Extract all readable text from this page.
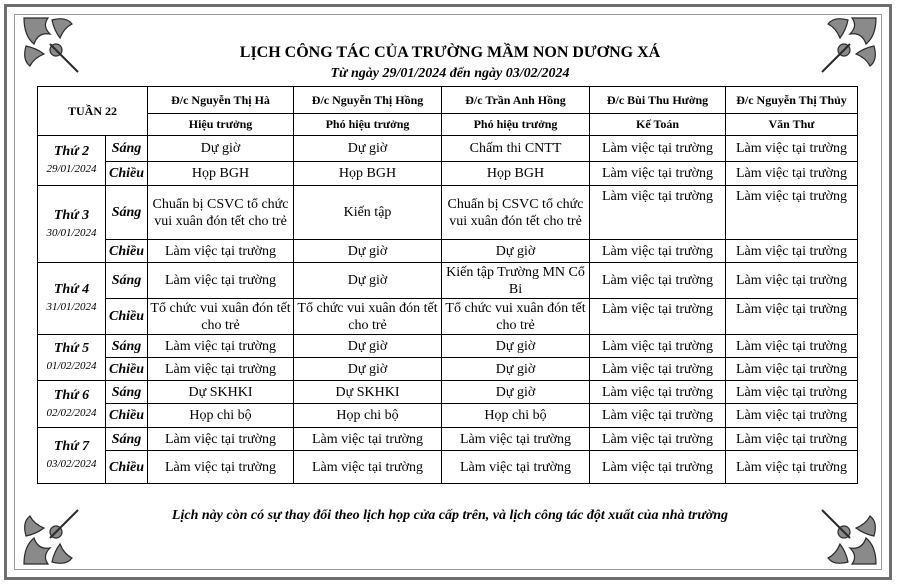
LỊCH CÔNG TÁC CỦA TRƯỜNG MẦM NON DƯƠNG XÁ
Từ ngày 29/01/2024 đến ngày 03/02/2024
TUẦN 22		Đ/c Nguyễn Thị Hà	Đ/c Nguyễn Thị Hồng	Đ/c Trần Anh Hồng	Đ/c Bùi Thu Hường	Đ/c Nguyễn Thị Thủy
		Hiệu trưởng	Phó hiệu trưởng	Phó hiệu trưởng	Kế Toán	Văn Thư
Thứ 2
29/01/2024	Sáng	Dự giờ	Dự giờ	Chấm thi CNTT	Làm việc tại trường	Làm việc tại trường
	Chiều	Họp BGH	Họp BGH	Họp BGH	Làm việc tại trường	Làm việc tại trường
Thứ 3
30/01/2024	Sáng	Chuẩn bị CSVC tổ chức vui xuân đón tết cho trẻ	Kiến tập	Chuẩn bị CSVC tổ chức vui xuân đón tết cho trẻ	Làm việc tại trường	Làm việc tại trường
	Chiều	Làm việc tại trường	Dự giờ	Dự giờ	Làm việc tại trường	Làm việc tại trường
Thứ 4
31/01/2024	Sáng	Làm việc tại trường	Dự giờ	Kiến tập Trường MN Cổ Bi	Làm việc tại trường	Làm việc tại trường
	Chiều	Tổ chức vui xuân đón tết cho trẻ	Tổ chức vui xuân đón tết cho trẻ	Tổ chức vui xuân đón tết cho trẻ	Làm việc tại trường	Làm việc tại trường
Thứ 5
01/02/2024	Sáng	Làm việc tại trường	Dự giờ	Dự giờ	Làm việc tại trường	Làm việc tại trường
	Chiều	Làm việc tại trường	Dự giờ	Dự giờ	Làm việc tại trường	Làm việc tại trường
Thứ 6
02/02/2024	Sáng	Dự SKHKI	Dự SKHKI	Dự giờ	Làm việc tại trường	Làm việc tại trường
	Chiều	Họp chi bộ	Họp chi bộ	Họp chi bộ	Làm việc tại trường	Làm việc tại trường
Thứ 7
03/02/2024	Sáng	Làm việc tại trường	Làm việc tại trường	Làm việc tại trường	Làm việc tại trường	Làm việc tại trường
	Chiều	Làm việc tại trường	Làm việc tại trường	Làm việc tại trường	Làm việc tại trường	Làm việc tại trường
Lịch này còn có sự thay đổi theo lịch họp cửa cấp trên, và lịch công tác đột xuất của nhà trường
